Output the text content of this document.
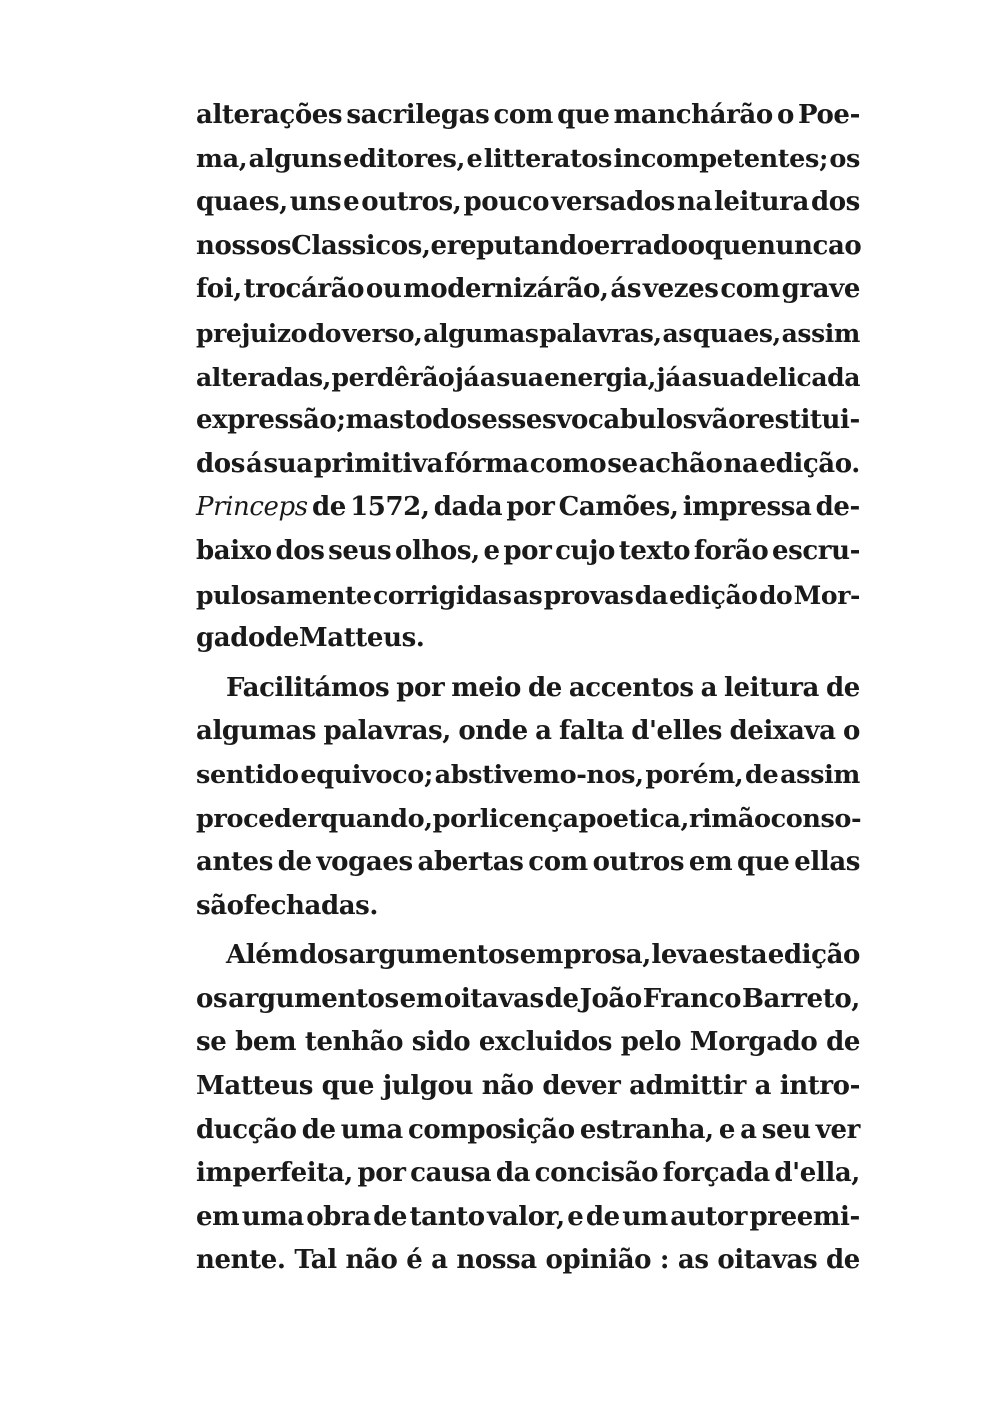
alterações sacrilegas com que manchárão o Poe-
ma, alguns editores, e litteratos incompetentes; os
quaes, uns e outros, pouco versados na leitura dos
nossos Classicos, e reputando errado o que nunca o
foi, trocárão ou modernizárão, ás vezes com grave
prejuizo do verso, algumas palavras, as quaes, assim
alteradas, perdêrão já a sua energia, já a sua delicada
expressão; mas todos esses vocabulos vão restitui-
dos á sua primitiva fórma como se achão na edição.
Princeps de 1572, dada por Camões, impressa de-
baixo dos seus olhos, e por cujo texto forão escru-
pulosamente corrigidas as provas da edição do Mor-
gado de Matteus.
Facilitámos por meio de accentos a leitura de
algumas palavras, onde a falta d'elles deixava o
sentido equivoco; abstivemo-nos, porém, de assim
proceder quando, por licença poetica, rimão conso-
antes de vogaes abertas com outros em que ellas
são fechadas.
Além dos argumentos em prosa, leva esta edição
os argumentos em oitavas de João Franco Barreto,
se bem tenhão sido excluidos pelo Morgado de
Matteus que julgou não dever admittir a intro-
ducção de uma composição estranha, e a seu ver
imperfeita, por causa da concisão forçada d'ella,
em uma obra de tanto valor, e de um autor preemi-
nente. Tal não é a nossa opinião : as oitavas de
